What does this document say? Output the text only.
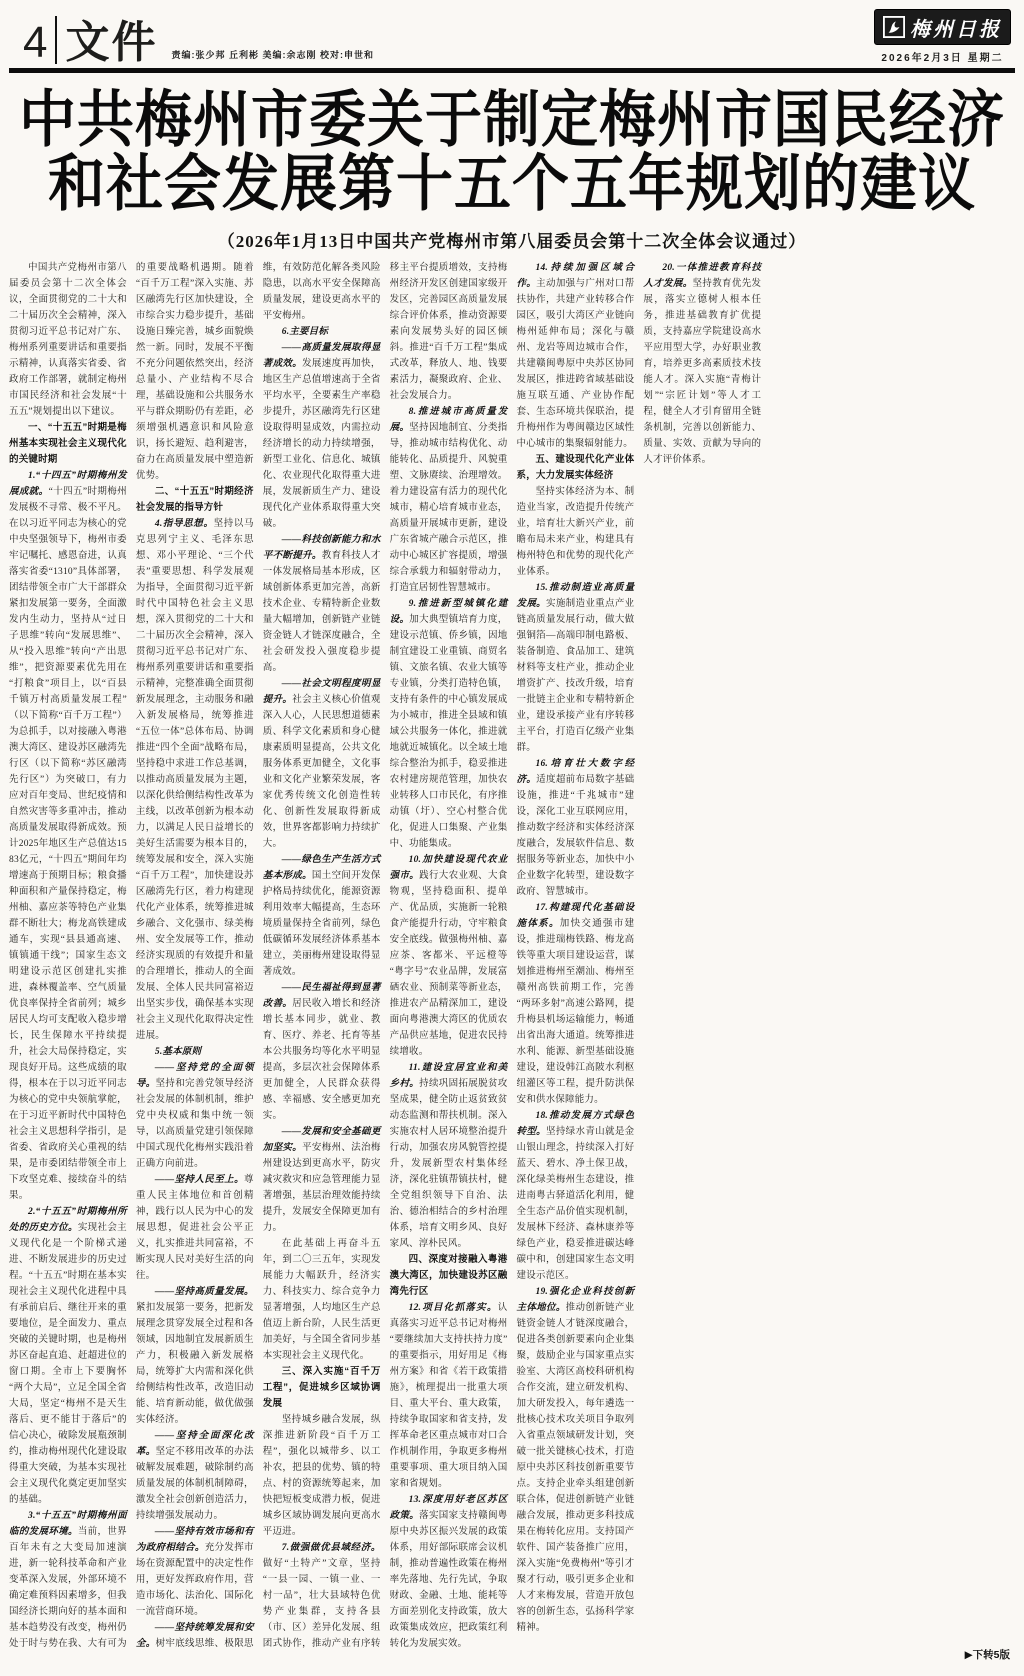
4 文件 责编:张少邦 丘利彬 美编:余志刚 校对:申世和
梅州日报
2026年2月3日 星期二
中共梅州市委关于制定梅州市国民经济
和社会发展第十五个五年规划的建议
（2026年1月13日中国共产党梅州市第八届委员会第十二次全体会议通过）

中国共产党梅州市第八届委员会第十二次全体会议，全面贯彻党的二十大和二十届历次全会精神，深入贯彻习近平总书记对广东、梅州系列重要讲话和重要指示精神，认真落实省委、省政府工作部署，就制定梅州市国民经济和社会发展“十五五”规划提出以下建议。

一、“十五五”时期是梅州基本实现社会主义现代化的关键时期

1.“十四五”时期梅州发展成就。“十四五”时期梅州发展极不寻常、极不平凡。在以习近平同志为核心的党中央坚强领导下，梅州市委牢记嘱托、感恩奋进，认真落实省委“1310”具体部署，团结带领全市广大干部群众紧扣发展第一要务，全面激发内生动力，坚持从“过日子思维”转向“发展思维”、从“投入思维”转向“产出思维”，把资源要素优先用在“打粮食”项目上，以“百县千镇万村高质量发展工程”（以下简称“百千万工程”）为总抓手，以对接融入粤港澳大湾区、建设苏区融湾先行区（以下简称“苏区融湾先行区”）为突破口，有力应对百年变局、世纪疫情和自然灾害等多重冲击，推动高质量发展取得新成效。预计2025年地区生产总值达1583亿元，“十四五”期间年均增速高于预期目标；粮食播种面积和产量保持稳定，梅州柚、嘉应茶等特色产业集群不断壮大；梅龙高铁建成通车，实现“县县通高速、镇镇通干线”；国家生态文明建设示范区创建扎实推进，森林覆盖率、空气质量优良率保持全省前列；城乡居民人均可支配收入稳步增长，民生保障水平持续提升，社会大局保持稳定，实现良好开局。这些成绩的取得，根本在于以习近平同志为核心的党中央领航掌舵，在于习近平新时代中国特色社会主义思想科学指引，是省委、省政府关心重视的结果，是市委团结带领全市上下攻坚克难、接续奋斗的结果。

2.“十五五”时期梅州所处的历史方位。实现社会主义现代化是一个阶梯式递进、不断发展进步的历史过程。“十五五”时期在基本实现社会主义现代化进程中具有承前启后、继往开来的重要地位，是全面发力、重点突破的关键时期，也是梅州苏区奋起直追、赶超进位的窗口期。全市上下要胸怀“两个大局”，立足全国全省大局，坚定“梅州不是天生落后、更不能甘于落后”的信心决心，破除发展瓶颈制约，推动梅州现代化建设取得重大突破，为基本实现社会主义现代化奠定更加坚实的基础。

3.“十五五”时期梅州面临的发展环境。当前，世界百年未有之大变局加速演进，新一轮科技革命和产业变革深入发展，外部环境不确定难预料因素增多，但我国经济长期向好的基本面和基本趋势没有改变，梅州仍处于时与势在我、大有可为的重要战略机遇期。随着“百千万工程”深入实施、苏区融湾先行区加快建设，全市综合实力稳步提升，基础设施日臻完善，城乡面貌焕然一新。同时，发展不平衡不充分问题依然突出，经济总量小、产业结构不尽合理，基础设施和公共服务水平与群众期盼仍有差距，必须增强机遇意识和风险意识，扬长避短、趋利避害，奋力在高质量发展中塑造新优势。

二、“十五五”时期经济社会发展的指导方针

4.指导思想。坚持以马克思列宁主义、毛泽东思想、邓小平理论、“三个代表”重要思想、科学发展观为指导，全面贯彻习近平新时代中国特色社会主义思想，深入贯彻党的二十大和二十届历次全会精神，深入贯彻习近平总书记对广东、梅州系列重要讲话和重要指示精神，完整准确全面贯彻新发展理念，主动服务和融入新发展格局，统筹推进“五位一体”总体布局、协调推进“四个全面”战略布局，坚持稳中求进工作总基调，以推动高质量发展为主题，以深化供给侧结构性改革为主线，以改革创新为根本动力，以满足人民日益增长的美好生活需要为根本目的，统筹发展和安全，深入实施“百千万工程”，加快建设苏区融湾先行区，着力构建现代化产业体系，统筹推进城乡融合、文化强市、绿美梅州、安全发展等工作，推动经济实现质的有效提升和量的合理增长，推动人的全面发展、全体人民共同富裕迈出坚实步伐，确保基本实现社会主义现代化取得决定性进展。

5.基本原则

——坚持党的全面领导。坚持和完善党领导经济社会发展的体制机制，维护党中央权威和集中统一领导，以高质量党建引领保障中国式现代化梅州实践沿着正确方向前进。

——坚持人民至上。尊重人民主体地位和首创精神，践行以人民为中心的发展思想，促进社会公平正义，扎实推进共同富裕，不断实现人民对美好生活的向往。

——坚持高质量发展。紧扣发展第一要务，把新发展理念贯穿发展全过程和各领域，因地制宜发展新质生产力，积极融入新发展格局，统筹扩大内需和深化供给侧结构性改革，改造旧动能、培育新动能，做优做强实体经济。

——坚持全面深化改革。坚定不移用改革的办法破解发展难题，破除制约高质量发展的体制机制障碍，激发全社会创新创造活力，持续增强发展动力。

——坚持有效市场和有为政府相结合。充分发挥市场在资源配置中的决定性作用，更好发挥政府作用，营造市场化、法治化、国际化一流营商环境。

——坚持统筹发展和安全。树牢底线思维、极限思维，有效防范化解各类风险隐患，以高水平安全保障高质量发展，建设更高水平的平安梅州。

6.主要目标

——高质量发展取得显著成效。发展速度再加快，地区生产总值增速高于全省平均水平，全要素生产率稳步提升，苏区融湾先行区建设取得明显成效，内需拉动经济增长的动力持续增强，新型工业化、信息化、城镇化、农业现代化取得重大进展，发展新质生产力、建设现代化产业体系取得重大突破。

——科技创新能力和水平不断提升。教育科技人才一体发展格局基本形成，区域创新体系更加完善，高新技术企业、专精特新企业数量大幅增加，创新链产业链资金链人才链深度融合，全社会研发投入强度稳步提高。

——社会文明程度明显提升。社会主义核心价值观深入人心，人民思想道德素质、科学文化素质和身心健康素质明显提高，公共文化服务体系更加健全，文化事业和文化产业繁荣发展，客家优秀传统文化创造性转化、创新性发展取得新成效，世界客都影响力持续扩大。

——绿色生产生活方式基本形成。国土空间开发保护格局持续优化，能源资源利用效率大幅提高，生态环境质量保持全省前列，绿色低碳循环发展经济体系基本建立，美丽梅州建设取得显著成效。

——民生福祉得到显著改善。居民收入增长和经济增长基本同步，就业、教育、医疗、养老、托育等基本公共服务均等化水平明显提高，多层次社会保障体系更加健全，人民群众获得感、幸福感、安全感更加充实。

——发展和安全基础更加坚实。平安梅州、法治梅州建设达到更高水平，防灾减灾救灾和应急管理能力显著增强，基层治理效能持续提升，发展安全保障更加有力。

在此基础上再奋斗五年，到二〇三五年，实现发展能力大幅跃升，经济实力、科技实力、综合竞争力显著增强，人均地区生产总值迈上新台阶，人民生活更加美好，与全国全省同步基本实现社会主义现代化。

三、深入实施“百千万工程”，促进城乡区域协调发展

坚持城乡融合发展，纵深推进新阶段“百千万工程”，强化以城带乡、以工补农，把县的优势、镇的特点、村的资源统筹起来，加快把短板变成潜力板，促进城乡区域协调发展向更高水平迈进。

7.做强做优县域经济。做好“土特产”文章，坚持“一县一园、一镇一业、一村一品”，壮大县域特色优势产业集群，支持各县（市、区）差异化发展、组团式协作，推动产业有序转移主平台提质增效，支持梅州经济开发区创建国家级开发区，完善园区高质量发展综合评价体系，推动资源要素向发展势头好的园区倾斜。推进“百千万工程”集成式改革，释放人、地、钱要素活力，凝聚政府、企业、社会发展合力。

8.推进城市高质量发展。坚持因地制宜、分类指导，推动城市结构优化、动能转化、品质提升、风貌重塑、文脉赓续、治理增效。着力建设富有活力的现代化城市，精心培育城市业态，高质量开展城市更新，建设广东省城产融合示范区，推动中心城区扩容提质，增强综合承载力和辐射带动力，打造宜居韧性智慧城市。

9.推进新型城镇化建设。加大典型镇培育力度，建设示范镇、侨乡镇，因地制宜建设工业重镇、商贸名镇、文旅名镇、农业大镇等专业镇，分类打造特色镇，支持有条件的中心镇发展成为小城市，推进全县域和镇域公共服务一体化，推进就地就近城镇化。以全域土地综合整治为抓手，稳妥推进农村建房规范管理，加快农业转移人口市民化，有序推动镇（圩）、空心村整合优化，促进人口集聚、产业集中、功能集成。

10.加快建设现代农业强市。践行大农业观、大食物观，坚持稳面积、提单产、优品质，实施新一轮粮食产能提升行动，守牢粮食安全底线。做强梅州柚、嘉应茶、客都米、平远橙等“粤字号”农业品牌，发展富硒农业、预制菜等新业态，推进农产品精深加工，建设面向粤港澳大湾区的优质农产品供应基地，促进农民持续增收。

11.建设宜居宜业和美乡村。持续巩固拓展脱贫攻坚成果，健全防止返贫致贫动态监测和帮扶机制。深入实施农村人居环境整治提升行动，加强农房风貌管控提升，发展新型农村集体经济，深化驻镇帮镇扶村，健全党组织领导下自治、法治、德治相结合的乡村治理体系，培育文明乡风、良好家风、淳朴民风。

四、深度对接融入粤港澳大湾区，加快建设苏区融湾先行区

12.项目化抓落实。认真落实习近平总书记对梅州“要继续加大支持扶持力度”的重要指示，用好用足《梅州方案》和省《若干政策措施》，梳理提出一批重大项目、重大平台、重大政策，持续争取国家和省支持，发挥革命老区重点城市对口合作机制作用，争取更多梅州重要事项、重大项目纳入国家和省规划。

13.深度用好老区苏区政策。落实国家支持赣闽粤原中央苏区振兴发展的政策体系，用好部际联席会议机制，推动普遍性政策在梅州率先落地、先行先试，争取财政、金融、土地、能耗等方面差别化支持政策，放大政策集成效应，把政策红利转化为发展实效。

14.持续加强区域合作。主动加强与广州对口帮扶协作，共建产业转移合作园区，吸引大湾区产业链向梅州延伸布局；深化与赣州、龙岩等周边城市合作，共建赣闽粤原中央苏区协同发展区，推进跨省域基础设施互联互通、产业协作配套、生态环境共保联治，提升梅州作为粤闽赣边区域性中心城市的集聚辐射能力。

五、建设现代化产业体系，大力发展实体经济

坚持实体经济为本、制造业当家，改造提升传统产业，培育壮大新兴产业，前瞻布局未来产业，构建具有梅州特色和优势的现代化产业体系。

15.推动制造业高质量发展。实施制造业重点产业链高质量发展行动，做大做强铜箔—高端印制电路板、装备制造、食品加工、建筑材料等支柱产业，推动企业增资扩产、技改升级，培育一批链主企业和专精特新企业，建设承接产业有序转移主平台，打造百亿级产业集群。

16.培育壮大数字经济。适度超前布局数字基础设施，推进“千兆城市”建设，深化工业互联网应用，推动数字经济和实体经济深度融合，发展软件信息、数据服务等新业态，加快中小企业数字化转型，建设数字政府、智慧城市。

17.构建现代化基础设施体系。加快交通强市建设，推进瑞梅铁路、梅龙高铁等重大项目建设运营，谋划推进梅州至潮汕、梅州至赣州高铁前期工作，完善“两环多射”高速公路网，提升梅县机场运输能力，畅通出省出海大通道。统筹推进水利、能源、新型基础设施建设，建设韩江高陂水利枢纽灌区等工程，提升防洪保安和供水保障能力。

18.推动发展方式绿色转型。坚持绿水青山就是金山银山理念，持续深入打好蓝天、碧水、净土保卫战，深化绿美梅州生态建设，推进南粤古驿道活化利用，健全生态产品价值实现机制，发展林下经济、森林康养等绿色产业，稳妥推进碳达峰碳中和，创建国家生态文明建设示范区。

19.强化企业科技创新主体地位。推动创新链产业链资金链人才链深度融合，促进各类创新要素向企业集聚，鼓励企业与国家重点实验室、大湾区高校科研机构合作交流，建立研发机构、加大研发投入，每年遴选一批核心技术攻关项目争取列入省重点领域研发计划，突破一批关键核心技术，打造原中央苏区科技创新重要节点。支持企业牵头组建创新联合体，促进创新链产业链融合发展，推动更多科技成果在梅转化应用。支持国产软件、国产装备推广应用，深入实施“免费梅州”等引才聚才行动，吸引更多企业和人才来梅发展，营造开放包容的创新生态，弘扬科学家精神。

20.一体推进教育科技人才发展。坚持教育优先发展，落实立德树人根本任务，推进基础教育扩优提质，支持嘉应学院建设高水平应用型大学，办好职业教育，培养更多高素质技术技能人才。深入实施“青梅计划”“宗匠计划”等人才工程，健全人才引育留用全链条机制，完善以创新能力、质量、实效、贡献为导向的人才评价体系。

▶下转5版
